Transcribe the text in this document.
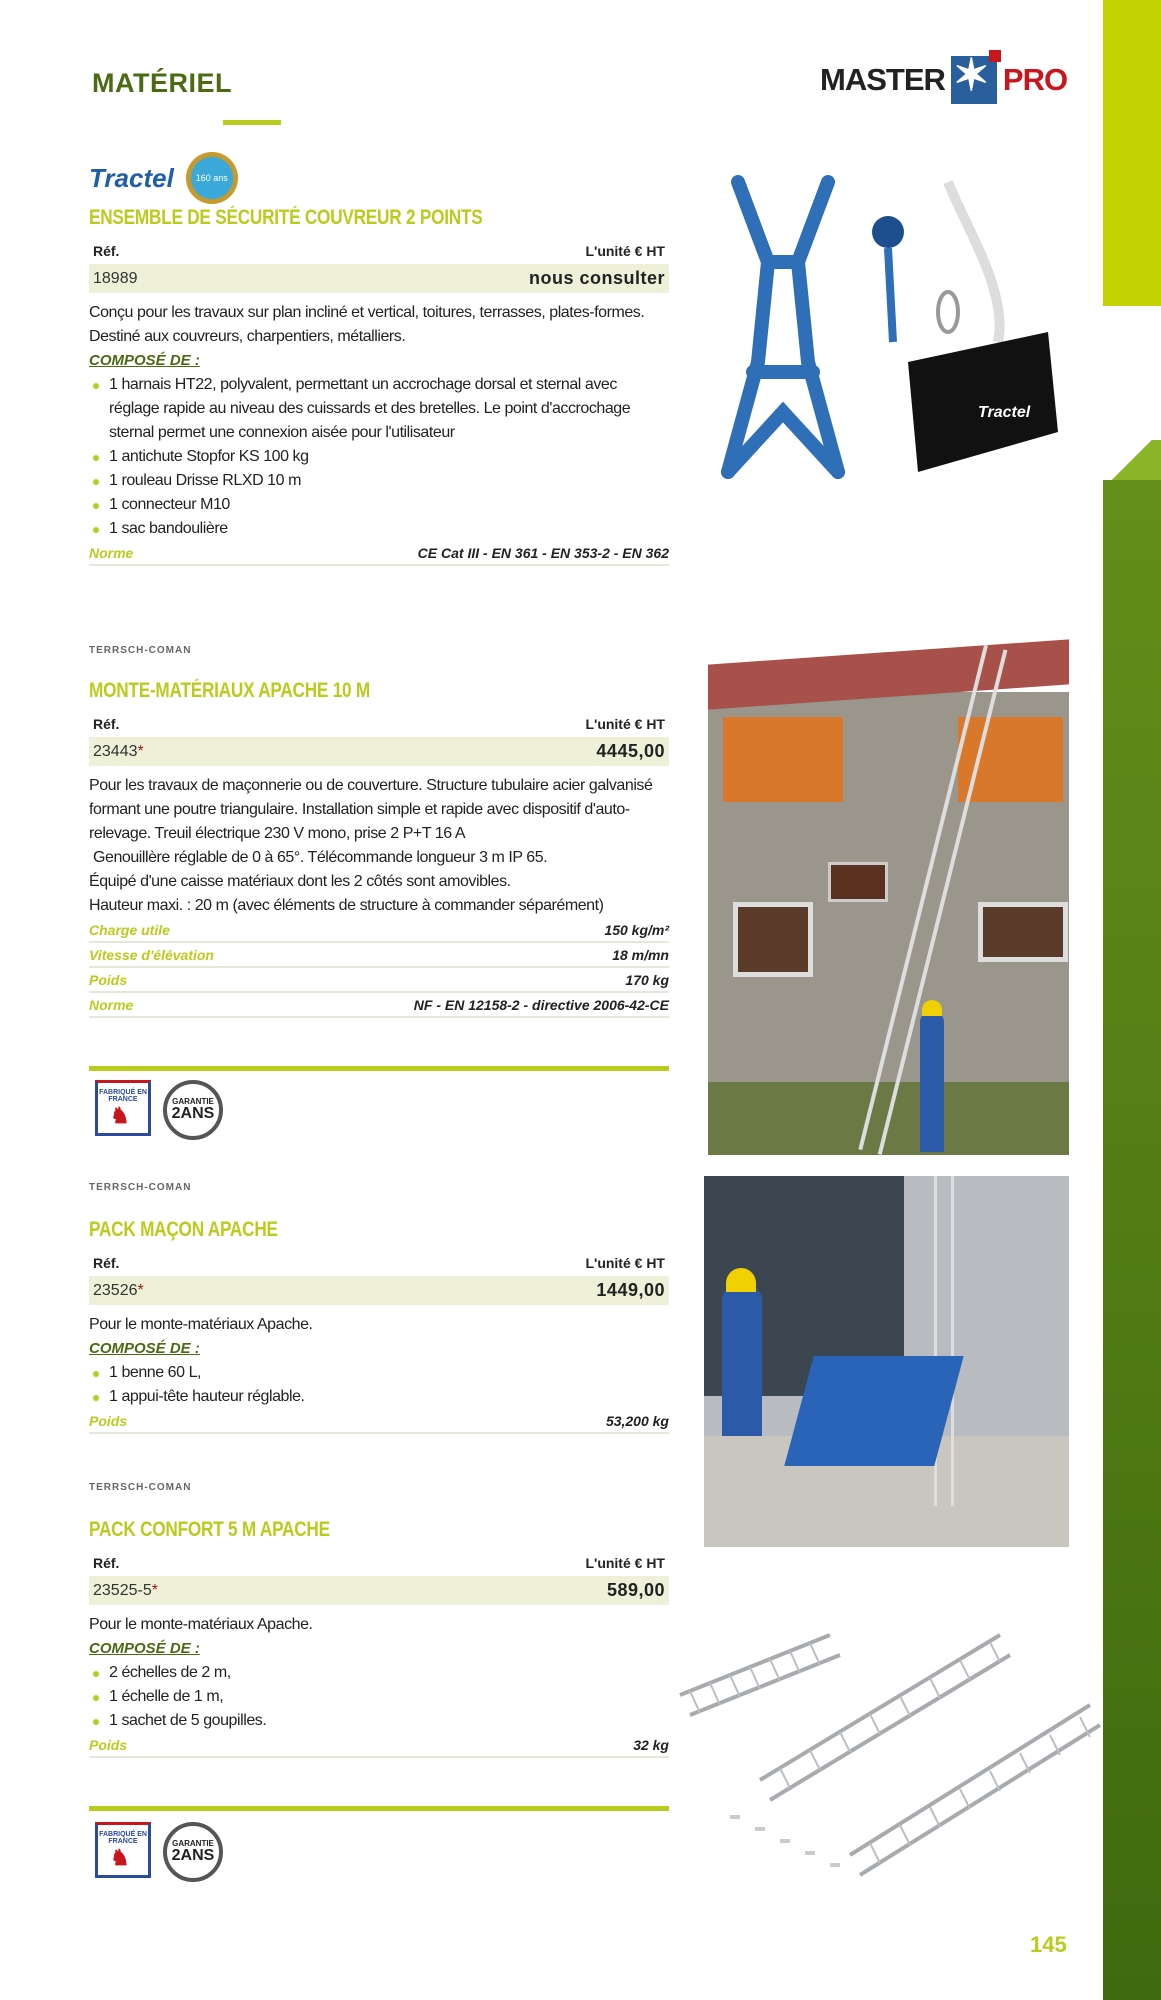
MATÉRIEL	MASTER ✶ PRO
Tractel	160 ans
ENSEMBLE DE SÉCURITÉ COUVREUR 2 POINTS
Réf.	L'unité € HT
18989	nous consulter
Conçu pour les travaux sur plan incliné et vertical, toitures, terrasses, plates-formes. Destiné aux couvreurs, charpentiers, métalliers.
COMPOSÉ DE :
1 harnais HT22, polyvalent, permettant un accrochage dorsal et sternal avec réglage rapide au niveau des cuissards et des bretelles. Le point d'accrochage sternal permet une connexion aisée pour l'utilisateur
1 antichute Stopfor KS 100 kg
1 rouleau Drisse RLXD 10 m
1 connecteur M10
1 sac bandoulière
Norme	CE Cat III - EN 361 - EN 353-2 - EN 362
Tractel
TERRSCH-COMAN
MONTE-MATÉRIAUX APACHE 10 M
Réf.	L'unité € HT
23443*	4445,00
Pour les travaux de maçonnerie ou de couverture. Structure tubulaire acier galvanisé formant une poutre triangulaire. Installation simple et rapide avec dispositif d'auto-relevage. Treuil électrique 230 V mono, prise 2 P+T 16 A
Genouillère réglable de 0 à 65°. Télécommande longueur 3 m IP 65.
Équipé d'une caisse matériaux dont les 2 côtés sont amovibles.
Hauteur maxi. : 20 m (avec éléments de structure à commander séparément)
Charge utile	150 kg/m²
Vitesse d'élévation	18 m/mn
Poids	170 kg
Norme	NF - EN 12158-2 - directive 2006-42-CE
FABRIQUÉ EN FRANCE
♞
GARANTIE
2ANS
TERRSCH-COMAN
PACK MAÇON APACHE
Réf.	L'unité € HT
23526*	1449,00
Pour le monte-matériaux Apache.
COMPOSÉ DE :
1 benne 60 L,
1 appui-tête hauteur réglable.
Poids	53,200 kg
TERRSCH-COMAN
PACK CONFORT 5 M APACHE
Réf.	L'unité € HT
23525-5*	589,00
Pour le monte-matériaux Apache.
COMPOSÉ DE :
2 échelles de 2 m,
1 échelle de 1 m,
1 sachet de 5 goupilles.
Poids	32 kg
FABRIQUÉ EN FRANCE
♞
GARANTIE
2ANS
145
